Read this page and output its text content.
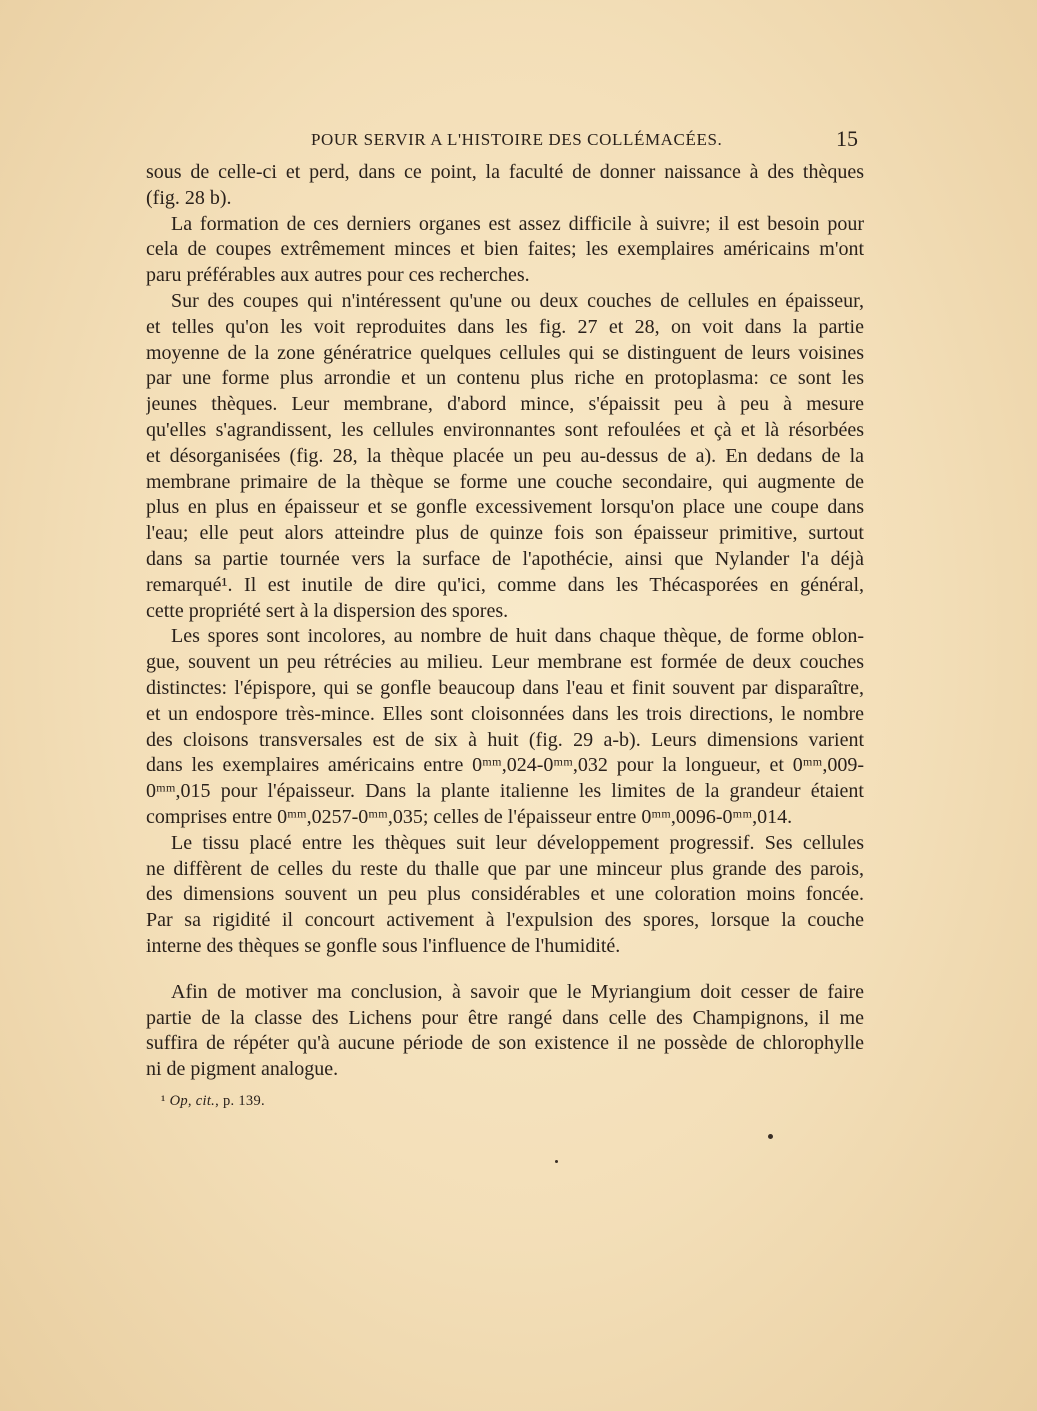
POUR SERVIR A L'HISTOIRE DES COLLÉMACÉES.	15
sous de celle-ci et perd, dans ce point, la faculté de donner naissance à des thèques
(fig. 28 b).
La formation de ces derniers organes est assez difficile à suivre; il est besoin pour
cela de coupes extrêmement minces et bien faites; les exemplaires américains m'ont
paru préférables aux autres pour ces recherches.
Sur des coupes qui n'intéressent qu'une ou deux couches de cellules en épaisseur,
et telles qu'on les voit reproduites dans les fig. 27 et 28, on voit dans la partie
moyenne de la zone génératrice quelques cellules qui se distinguent de leurs voisines
par une forme plus arrondie et un contenu plus riche en protoplasma: ce sont les
jeunes thèques. Leur membrane, d'abord mince, s'épaissit peu à peu à mesure
qu'elles s'agrandissent, les cellules environnantes sont refoulées et çà et là résorbées
et désorganisées (fig. 28, la thèque placée un peu au-dessus de a). En dedans de la
membrane primaire de la thèque se forme une couche secondaire, qui augmente de
plus en plus en épaisseur et se gonfle excessivement lorsqu'on place une coupe dans
l'eau; elle peut alors atteindre plus de quinze fois son épaisseur primitive, surtout
dans sa partie tournée vers la surface de l'apothécie, ainsi que Nylander l'a déjà
remarqué¹. Il est inutile de dire qu'ici, comme dans les Thécasporées en général,
cette propriété sert à la dispersion des spores.
Les spores sont incolores, au nombre de huit dans chaque thèque, de forme oblon-
gue, souvent un peu rétrécies au milieu. Leur membrane est formée de deux couches
distinctes: l'épispore, qui se gonfle beaucoup dans l'eau et finit souvent par disparaître,
et un endospore très-mince. Elles sont cloisonnées dans les trois directions, le nombre
des cloisons transversales est de six à huit (fig. 29 a-b). Leurs dimensions varient
dans les exemplaires américains entre 0ᵐᵐ,024-0ᵐᵐ,032 pour la longueur, et 0ᵐᵐ,009-
0ᵐᵐ,015 pour l'épaisseur. Dans la plante italienne les limites de la grandeur étaient
comprises entre 0ᵐᵐ,0257-0ᵐᵐ,035; celles de l'épaisseur entre 0ᵐᵐ,0096-0ᵐᵐ,014.
Le tissu placé entre les thèques suit leur développement progressif. Ses cellules
ne diffèrent de celles du reste du thalle que par une minceur plus grande des parois,
des dimensions souvent un peu plus considérables et une coloration moins foncée.
Par sa rigidité il concourt activement à l'expulsion des spores, lorsque la couche
interne des thèques se gonfle sous l'influence de l'humidité.
Afin de motiver ma conclusion, à savoir que le Myriangium doit cesser de faire
partie de la classe des Lichens pour être rangé dans celle des Champignons, il me
suffira de répéter qu'à aucune période de son existence il ne possède de chlorophylle
ni de pigment analogue.
¹ Op, cit., p. 139.
